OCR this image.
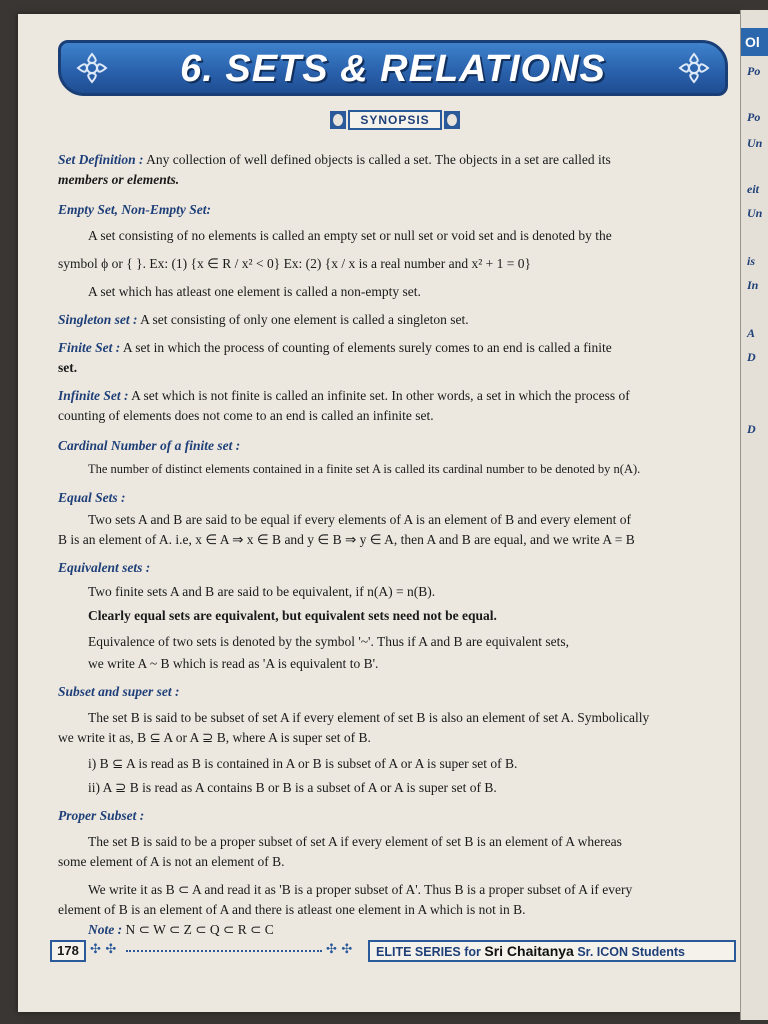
6. SETS & RELATIONS
SYNOPSIS
Set Definition : Any collection of well defined objects is called a set. The objects in a set are called its
members or elements.
Empty Set, Non-Empty Set:
A set consisting of no elements is called an empty set or null set or void set and is denoted by the
symbol ϕ or { }. Ex: (1) {x ∈ R / x² < 0} Ex: (2) {x / x is a real number and x² + 1 = 0}
A set which has atleast one element is called a non-empty set.
Singleton set : A set consisting of only one element is called a singleton set.
Finite Set : A set in which the process of counting of elements surely comes to an end is called a finite
set.
Infinite Set : A set which is not finite is called an infinite set. In other words, a set in which the process of
counting of elements does not come to an end is called an infinite set.
Cardinal Number of a finite set :
The number of distinct elements contained in a finite set A is called its cardinal number to be denoted by n(A).
Equal Sets :
Two sets A and B are said to be equal if every elements of A is an element of B and every element of
B is an element of A. i.e, x ∈ A ⇒ x ∈ B and y ∈ B ⇒ y ∈ A, then A and B are equal, and we write A = B
Equivalent sets :
Two finite sets A and B are said to be equivalent, if n(A) = n(B).
Clearly equal sets are equivalent, but equivalent sets need not be equal.
Equivalence of two sets is denoted by the symbol '~'. Thus if A and B are equivalent sets,
we write A ~ B which is read as 'A is equivalent to B'.
Subset and super set :
The set B is said to be subset of set A if every element of set B is also an element of set A. Symbolically
we write it as, B ⊆ A or A ⊇ B, where A is super set of B.
i) B ⊆ A is read as B is contained in A or B is subset of A or A is super set of B.
ii) A ⊇ B is read as A contains B or B is a subset of A or A is super set of B.
Proper Subset :
The set B is said to be a proper subset of set A if every element of set B is an element of A whereas
some element of A is not an element of B.
We write it as B ⊂ A and read it as 'B is a proper subset of A'. Thus B is a proper subset of A if every
element of B is an element of A and there is atleast one element in A which is not in B.
Note : N ⊂ W ⊂ Z ⊂ Q ⊂ R ⊂ C
178 ✣ ✣	✣ ✣	ELITE SERIES for Sri Chaitanya Sr. ICON Students
Ol
Po
Po
Un
eit
Un
is
In
A
D
D
